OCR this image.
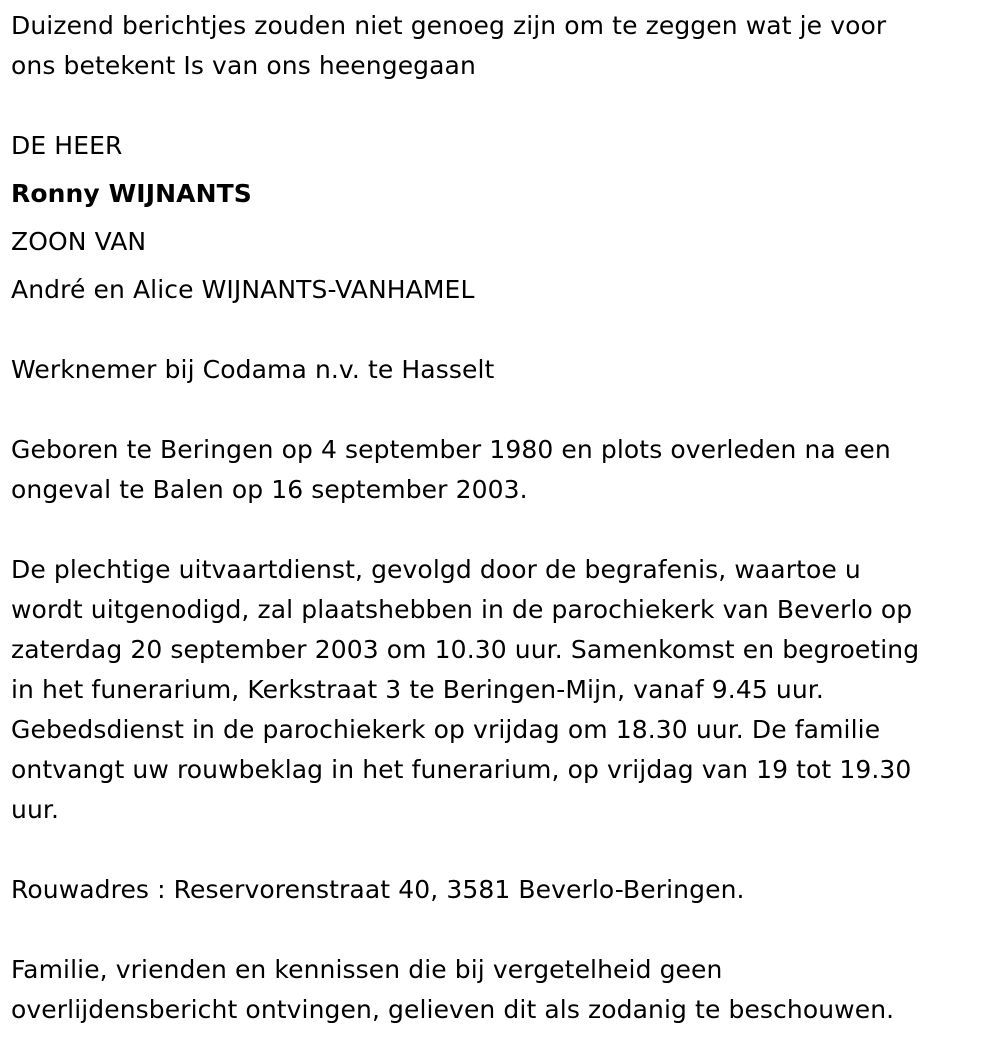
Duizend berichtjes zouden niet genoeg zijn om te zeggen wat je voor
ons betekent Is van ons heengegaan
DE HEER
Ronny WIJNANTS
ZOON VAN
André en Alice WIJNANTS-VANHAMEL
Werknemer bij Codama n.v. te Hasselt
Geboren te Beringen op 4 september 1980 en plots overleden na een
ongeval te Balen op 16 september 2003.
De plechtige uitvaartdienst, gevolgd door de begrafenis, waartoe u
wordt uitgenodigd, zal plaatshebben in de parochiekerk van Beverlo op
zaterdag 20 september 2003 om 10.30 uur. Samenkomst en begroeting
in het funerarium, Kerkstraat 3 te Beringen-Mijn, vanaf 9.45 uur.
Gebedsdienst in de parochiekerk op vrijdag om 18.30 uur. De familie
ontvangt uw rouwbeklag in het funerarium, op vrijdag van 19 tot 19.30
uur.
Rouwadres : Reservorenstraat 40, 3581 Beverlo-Beringen.
Familie, vrienden en kennissen die bij vergetelheid geen
overlijdensbericht ontvingen, gelieven dit als zodanig te beschouwen.
